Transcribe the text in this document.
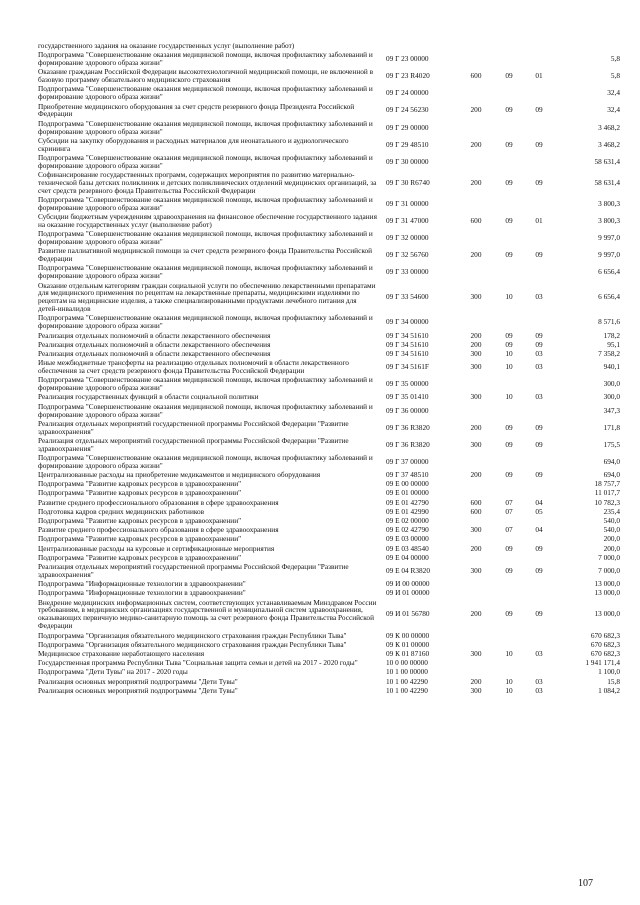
государственного задания на оказание государственных услуг (выполнение работ)					
Подпрограмма "Совершенствование оказания медицинской помощи, включая профилактику заболеваний и формирование здорового образа жизни"	09 Г 23 00000				5,8
Оказание гражданам Российской Федерации высокотехнологичной медицинской помощи, не включенной в базовую программу обязательного медицинского страхования	09 Г 23 R4020	600	09	01	5,8
Подпрограмма "Совершенствование оказания медицинской помощи, включая профилактику заболеваний и формирование здорового образа жизни"	09 Г 24 00000				32,4
Приобретение медицинского оборудования за счет средств резервного фонда Президента Российской Федерации	09 Г 24 56230	200	09	09	32,4
Подпрограмма "Совершенствование оказания медицинской помощи, включая профилактику заболеваний и формирование здорового образа жизни"	09 Г 29 00000				3 468,2
Субсидии на закупку оборудования и расходных материалов для неонатального и аудиологического скрининга	09 Г 29 48510	200	09	09	3 468,2
Подпрограмма "Совершенствование оказания медицинской помощи, включая профилактику заболеваний и формирование здорового образа жизни"	09 Г 30 00000				58 631,4
Софинансирование государственных программ, содержащих мероприятия по развитию материально-технической базы детских поликлиник и детских поликлинических отделений медицинских организаций, за счет средств резервного фонда Правительства Российской Федерации	09 Г 30 R6740	200	09	09	58 631,4
Подпрограмма "Совершенствование оказания медицинской помощи, включая профилактику заболеваний и формирование здорового образа жизни"	09 Г 31 00000				3 800,3
Субсидии бюджетным учреждениям здравоохранения на финансовое обеспечение государственного задания на оказание государственных услуг (выполнение работ)	09 Г 31 47000	600	09	01	3 800,3
Подпрограмма "Совершенствование оказания медицинской помощи, включая профилактику заболеваний и формирование здорового образа жизни"	09 Г 32 00000				9 997,0
Развитие паллиативной медицинской помощи за счет средств резервного фонда Правительства Российской Федерации	09 Г 32 56760	200	09	09	9 997,0
Подпрограмма "Совершенствование оказания медицинской помощи, включая профилактику заболеваний и формирование здорового образа жизни"	09 Г 33 00000				6 656,4
Оказание отдельным категориям граждан социальной услуги по обеспечению лекарственными препаратами для медицинского применения по рецептам на лекарственные препараты, медицинскими изделиями по рецептам на медицинские изделия, а также специализированными продуктами лечебного питания для детей-инвалидов	09 Г 33 54600	300	10	03	6 656,4
Подпрограмма "Совершенствование оказания медицинской помощи, включая профилактику заболеваний и формирование здорового образа жизни"	09 Г 34 00000				8 571,6
Реализация отдельных полномочий в области лекарственного обеспечения	09 Г 34 51610	200	09	09	178,2
Реализация отдельных полномочий в области лекарственного обеспечения	09 Г 34 51610	200	09	09	95,1
Реализация отдельных полномочий в области лекарственного обеспечения	09 Г 34 51610	300	10	03	7 358,2
Иные межбюджетные трансферты на реализацию отдельных полномочий в области лекарственного обеспечения за счет средств резервного фонда Правительства Российской Федерации	09 Г 34 5161F	300	10	03	940,1
Подпрограмма "Совершенствование оказания медицинской помощи, включая профилактику заболеваний и формирование здорового образа жизни"	09 Г 35 00000				300,0
Реализация государственных функций в области социальной политики	09 Г 35 01410	300	10	03	300,0
Подпрограмма "Совершенствование оказания медицинской помощи, включая профилактику заболеваний и формирование здорового образа жизни"	09 Г 36 00000				347,3
Реализация отдельных мероприятий государственной программы Российской Федерации "Развитие здравоохранения"	09 Г 36 R3820	200	09	09	171,8
Реализация отдельных мероприятий государственной программы Российской Федерации "Развитие здравоохранения"	09 Г 36 R3820	300	09	09	175,5
Подпрограмма "Совершенствование оказания медицинской помощи, включая профилактику заболеваний и формирование здорового образа жизни"	09 Г 37 00000				694,0
Централизованные расходы на приобретение медикаментов и медицинского оборудования	09 Г 37 48510	200	09	09	694,0
Подпрограмма "Развитие кадровых ресурсов в здравоохранении"	09 Е 00 00000				18 757,7
Подпрограмма "Развитие кадровых ресурсов в здравоохранении"	09 Е 01 00000				11 017,7
Развитие среднего профессионального образования в сфере здравоохранения	09 Е 01 42790	600	07	04	10 782,3
Подготовка кадров средних медицинских работников	09 Е 01 42990	600	07	05	235,4
Подпрограмма "Развитие кадровых ресурсов в здравоохранении"	09 Е 02 00000				540,0
Развитие среднего профессионального образования в сфере здравоохранения	09 Е 02 42790	300	07	04	540,0
Подпрограмма "Развитие кадровых ресурсов в здравоохранении"	09 Е 03 00000				200,0
Централизованные расходы на курсовые и сертификационные мероприятия	09 Е 03 48540	200	09	09	200,0
Подпрограмма "Развитие кадровых ресурсов в здравоохранении"	09 Е 04 00000				7 000,0
Реализация отдельных мероприятий государственной программы Российской Федерации "Развитие здравоохранения"	09 Е 04 R3820	300	09	09	7 000,0
Подпрограмма "Информационные технологии в здравоохранении"	09 И 00 00000				13 000,0
Подпрограмма "Информационные технологии в здравоохранении"	09 И 01 00000				13 000,0
Внедрение медицинских информационных систем, соответствующих устанавливаемым Минздравом России требованиям, в медицинских организациях государственной и муниципальной систем здравоохранения, оказывающих первичную медико-санитарную помощь за счет резервного фонда Правительства Российской Федерации	09 И 01 56780	200	09	09	13 000,0
Подпрограмма "Организация обязательного медицинского страхования граждан Республики Тыва"	09 К 00 00000				670 682,3
Подпрограмма "Организация обязательного медицинского страхования граждан Республики Тыва"	09 К 01 00000				670 682,3
Медицинское страхование неработающего населения	09 К 01 87160	300	10	03	670 682,3
Государственная программа Республики Тыва "Социальная защита семьи и детей на 2017 - 2020 годы"	10 0 00 00000				1 941 171,4
Подпрограмма "Дети Тувы" на 2017 - 2020 годы	10 1 00 00000				1 100,0
Реализация основных мероприятий подпрограммы "Дети Тувы"	10 1 00 42290	200	10	03	15,8
Реализация основных мероприятий подпрограммы "Дети Тувы"	10 1 00 42290	300	10	03	1 084,2
107
